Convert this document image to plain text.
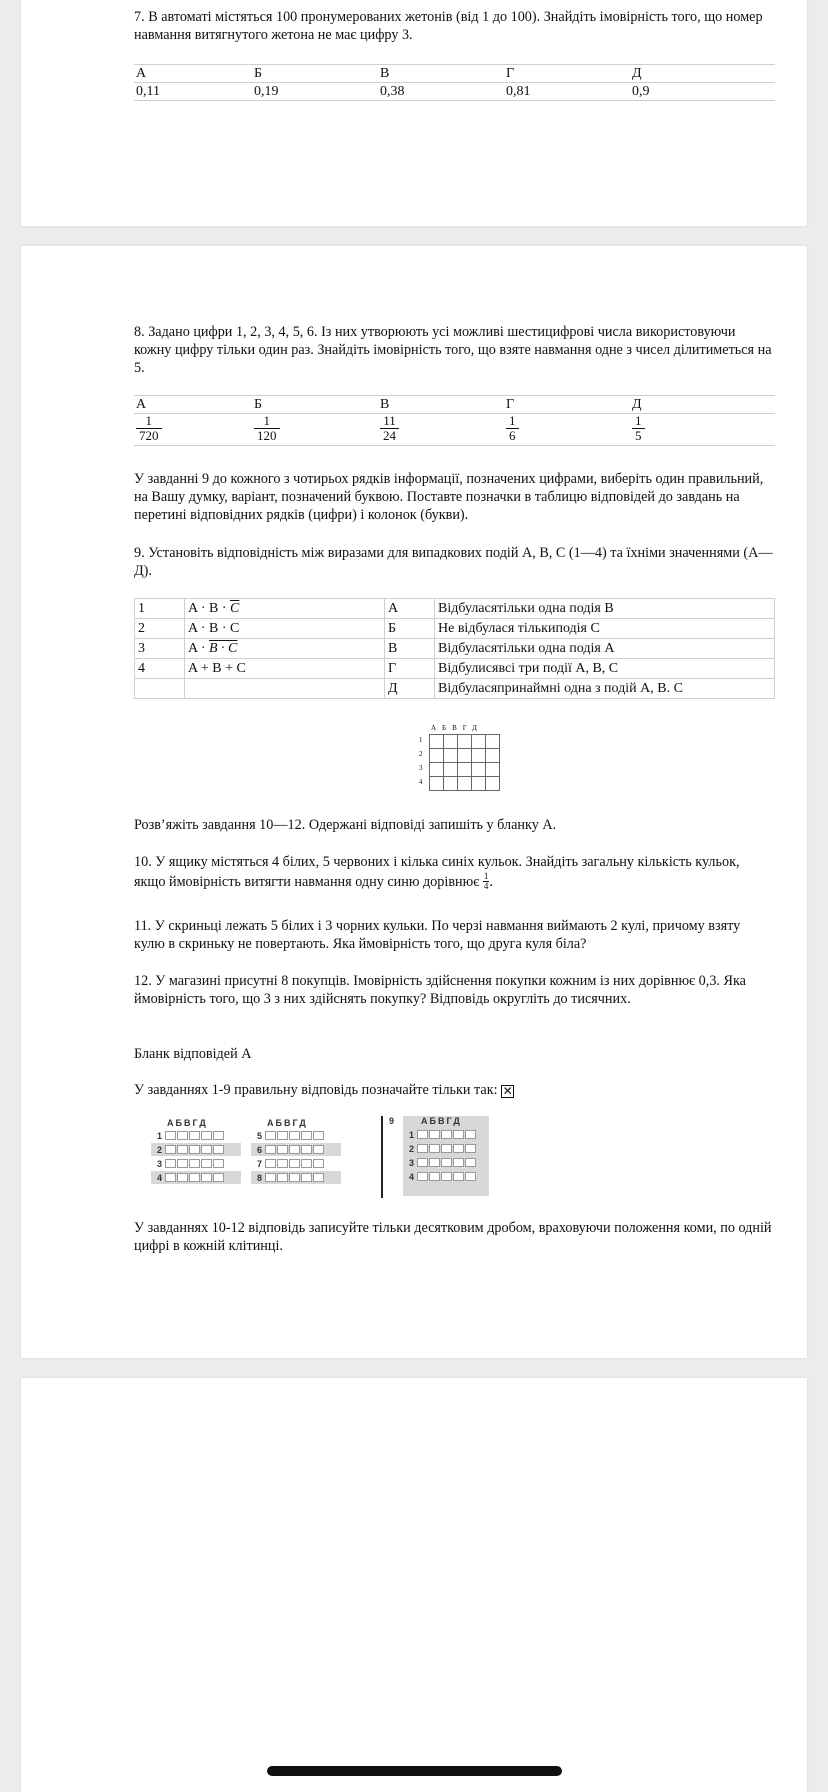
7. В автоматі містяться 100 пронумерованих жетонів (від 1 до 100). Знайдіть імовірність того, що номер навмання витягнутого жетона не має цифру 3.
А	Б	В	Г	Д
0,11	0,19	0,38	0,81	0,9
8. Задано цифри 1, 2, 3, 4, 5, 6. Із них утворюють усі можливі шестицифрові числа використовуючи кожну цифру тільки один раз. Знайдіть імовірність того, що взяте навмання одне з чисел ділитиметься на 5.
А	Б	В	Г	Д

$\frac{1}{720}$	$\frac{1}{120}$	$\frac{11}{24}$	$\frac{1}{6}$	$\frac{1}{5}$
У завданні 9 до кожного з чотирьох рядків інформації, позначених цифрами, виберіть один правильний, на Вашу думку, варіант, позначений буквою. Поставте позначки в таблицю відповідей до завдань на перетині відповідних рядків (цифри) і колонок (букви).
9. Установіть відповідність між виразами для випадкових подій A, B, C (1—4) та їхніми значеннями (А—Д).
1	$A \cdot B \cdot \overline{C}$	А	Відбуласятільки одна подія B
2	A · B · C	Б	Не відбулася тількиподія C
3	A · B · C	В	Відбуласятільки одна подія A
4	A + B + C	Г	Відбулисявсі три події A, B, C
		Д	Відбуласяпринаймні одна з подій A, B. C
АБВГД
1
2
3
4
Розв’яжіть завдання 10—12. Одержані відповіді запишіть у бланку А.
10. У ящику містяться 4 білих, 5 червоних і кілька синіх кульок. Знайдіть загальну кількість кульок, якщо ймовірність витягти навмання одну синю дорівнює $\frac{1}{4}$ .
11. У скриньці лежать 5 білих і 3 чорних кульки. По черзі навмання виймають 2 кулі, причому взяту кулю в скриньку не повертають. Яка ймовірність того, що друга куля біла?
12. У магазині присутні 8 покупців. Імовірність здійснення покупки кожним із них дорівнює 0,3. Яка ймовірність того, що 3 з них здійснять покупку? Відповідь округліть до тисячних.
Бланк відповідей А
У завданнях 1-9 правильну відповідь позначайте тільки так: ✕
АБВГД
1
2
3
4
АБВГД
5
6
7
8
9	АБВГД
1
2
3
4
У завданнях 10-12 відповідь записуйте тільки десятковим дробом, враховуючи положення коми, по одній цифрі в кожній клітинці.
